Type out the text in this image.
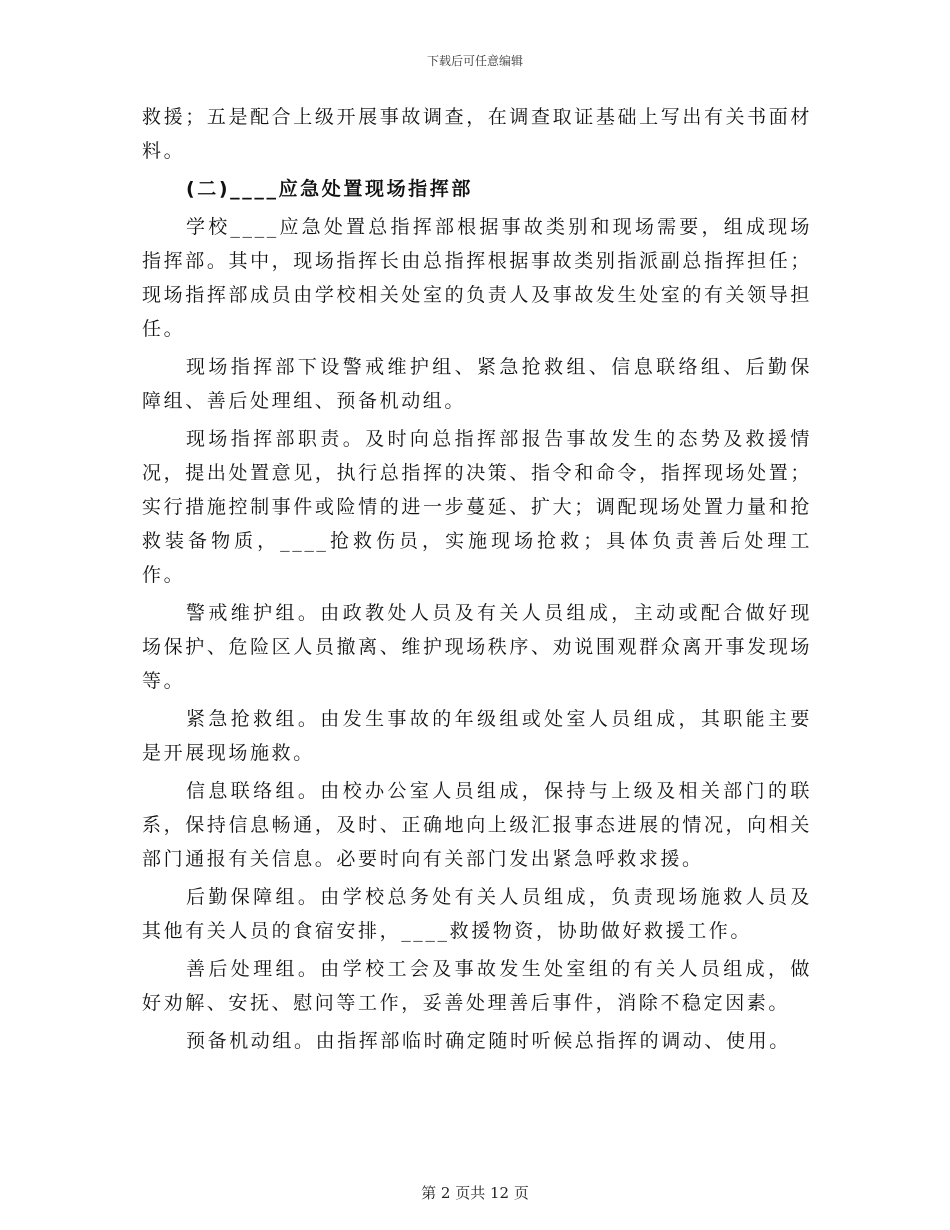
下载后可任意编辑

救援；五是配合上级开展事故调查，在调查取证基础上写出有关书面材料。

(二)____应急处置现场指挥部

学校____应急处置总指挥部根据事故类别和现场需要，组成现场指挥部。其中，现场指挥长由总指挥根据事故类别指派副总指挥担任；现场指挥部成员由学校相关处室的负责人及事故发生处室的有关领导担任。

现场指挥部下设警戒维护组、紧急抢救组、信息联络组、后勤保障组、善后处理组、预备机动组。

现场指挥部职责。及时向总指挥部报告事故发生的态势及救援情况，提出处置意见，执行总指挥的决策、指令和命令，指挥现场处置；实行措施控制事件或险情的进一步蔓延、扩大；调配现场处置力量和抢救装备物质，____抢救伤员，实施现场抢救；具体负责善后处理工作。

警戒维护组。由政教处人员及有关人员组成，主动或配合做好现场保护、危险区人员撤离、维护现场秩序、劝说围观群众离开事发现场等。

紧急抢救组。由发生事故的年级组或处室人员组成，其职能主要是开展现场施救。

信息联络组。由校办公室人员组成，保持与上级及相关部门的联系，保持信息畅通，及时、正确地向上级汇报事态进展的情况，向相关部门通报有关信息。必要时向有关部门发出紧急呼救求援。

后勤保障组。由学校总务处有关人员组成，负责现场施救人员及其他有关人员的食宿安排，____救援物资，协助做好救援工作。

善后处理组。由学校工会及事故发生处室组的有关人员组成，做好劝解、安抚、慰问等工作，妥善处理善后事件，消除不稳定因素。

预备机动组。由指挥部临时确定随时听候总指挥的调动、使用。

第 2 页共 12 页
